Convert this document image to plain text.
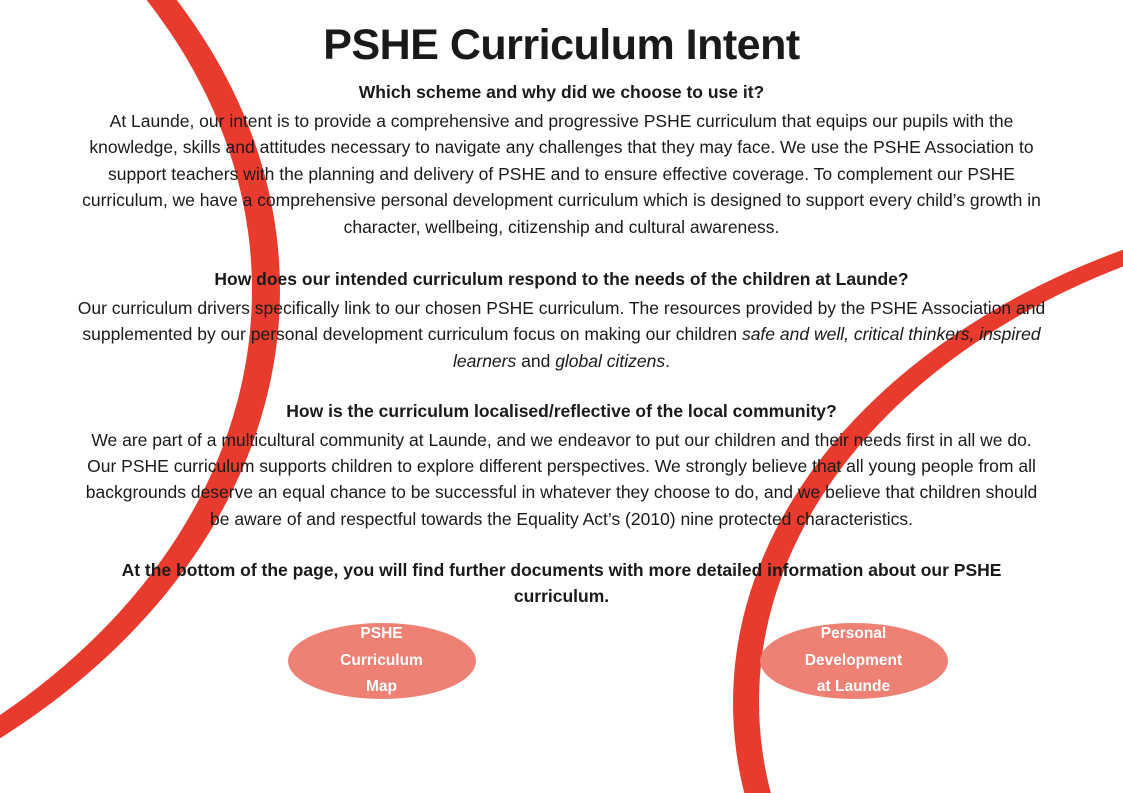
PSHE Curriculum Intent
Which scheme and why did we choose to use it?

At Launde, our intent is to provide a comprehensive and progressive PSHE curriculum that equips our pupils with the knowledge, skills and attitudes necessary to navigate any challenges that they may face. We use the PSHE Association to support teachers with the planning and delivery of PSHE and to ensure effective coverage. To complement our PSHE curriculum, we have a comprehensive personal development curriculum which is designed to support every child’s growth in character, wellbeing, citizenship and cultural awareness.

How does our intended curriculum respond to the needs of the children at Launde?

Our curriculum drivers specifically link to our chosen PSHE curriculum. The resources provided by the PSHE Association and supplemented by our personal development curriculum focus on making our children safe and well, critical thinkers, inspired learners and global citizens.

How is the curriculum localised/reflective of the local community?

We are part of a multicultural community at Launde, and we endeavor to put our children and their needs first in all we do. Our PSHE curriculum supports children to explore different perspectives. We strongly believe that all young people from all backgrounds deserve an equal chance to be successful in whatever they choose to do, and we believe that children should be aware of and respectful towards the Equality Act’s (2010) nine protected characteristics.

At the bottom of the page, you will find further documents with more detailed information about our PSHE curriculum.

PSHE
Curriculum
Map
Personal
Development
at Launde
